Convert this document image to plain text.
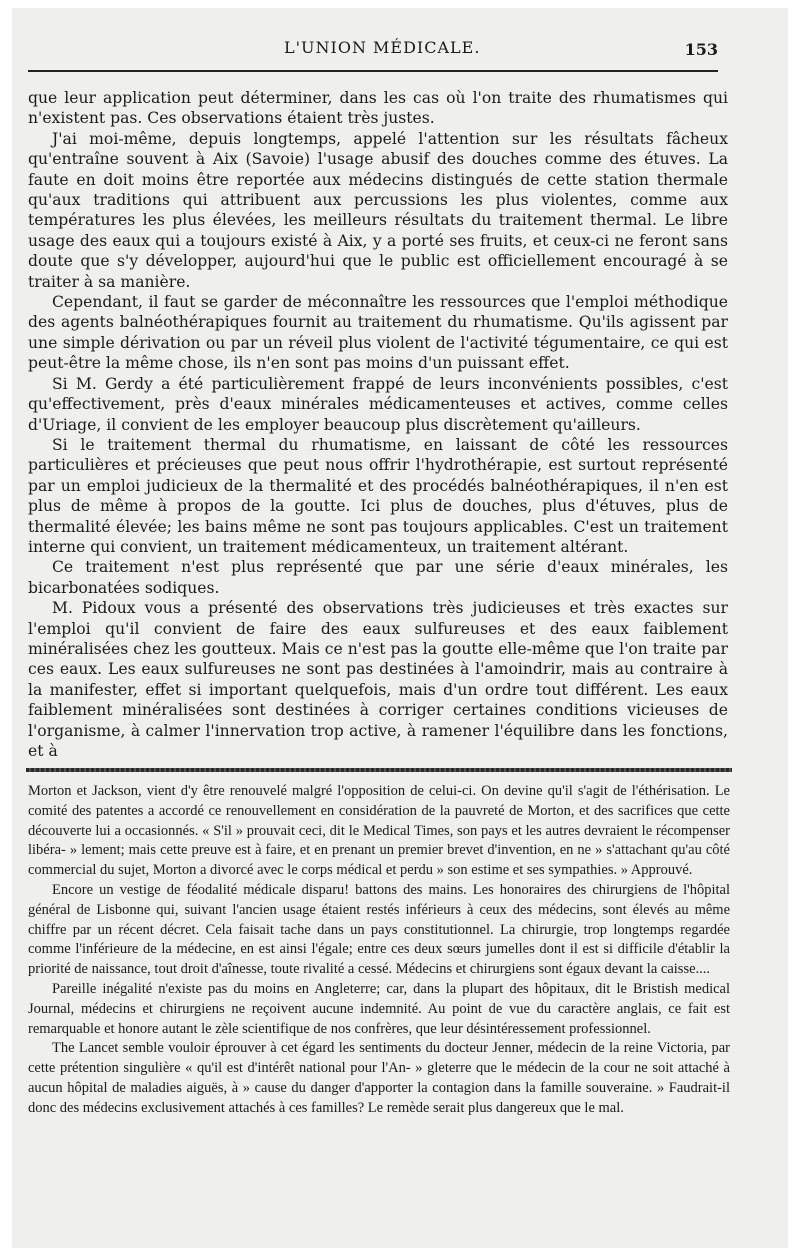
L'UNION MÉDICALE.	153

que leur application peut déterminer, dans les cas où l'on traite des rhumatismes qui n'existent pas. Ces observations étaient très justes.

J'ai moi-même, depuis longtemps, appelé l'attention sur les résultats fâcheux qu'entraîne souvent à Aix (Savoie) l'usage abusif des douches comme des étuves. La faute en doit moins être reportée aux médecins distingués de cette station thermale qu'aux traditions qui attribuent aux percussions les plus violentes, comme aux températures les plus élevées, les meilleurs résultats du traitement thermal. Le libre usage des eaux qui a toujours existé à Aix, y a porté ses fruits, et ceux-ci ne feront sans doute que s'y développer, aujourd'hui que le public est officiellement encouragé à se traiter à sa manière.

Cependant, il faut se garder de méconnaître les ressources que l'emploi méthodique des agents balnéothérapiques fournit au traitement du rhumatisme. Qu'ils agissent par une simple dérivation ou par un réveil plus violent de l'activité tégumentaire, ce qui est peut-être la même chose, ils n'en sont pas moins d'un puissant effet.

Si M. Gerdy a été particulièrement frappé de leurs inconvénients possibles, c'est qu'effectivement, près d'eaux minérales médicamenteuses et actives, comme celles d'Uriage, il convient de les employer beaucoup plus discrètement qu'ailleurs.

Si le traitement thermal du rhumatisme, en laissant de côté les ressources particulières et précieuses que peut nous offrir l'hydrothérapie, est surtout représenté par un emploi judicieux de la thermalité et des procédés balnéothérapiques, il n'en est plus de même à propos de la goutte. Ici plus de douches, plus d'étuves, plus de thermalité élevée; les bains même ne sont pas toujours applicables. C'est un traitement interne qui convient, un traitement médicamenteux, un traitement altérant.

Ce traitement n'est plus représenté que par une série d'eaux minérales, les bicarbonatées sodiques.

M. Pidoux vous a présenté des observations très judicieuses et très exactes sur l'emploi qu'il convient de faire des eaux sulfureuses et des eaux faiblement minéralisées chez les goutteux. Mais ce n'est pas la goutte elle-même que l'on traite par ces eaux. Les eaux sulfureuses ne sont pas destinées à l'amoindrir, mais au contraire à la manifester, effet si important quelquefois, mais d'un ordre tout différent. Les eaux faiblement minéralisées sont destinées à corriger certaines conditions vicieuses de l'organisme, à calmer l'innervation trop active, à ramener l'équilibre dans les fonctions, et à

Morton et Jackson, vient d'y être renouvelé malgré l'opposition de celui-ci. On devine qu'il s'agit de l'éthérisation. Le comité des patentes a accordé ce renouvellement en considération de la pauvreté de Morton, et des sacrifices que cette découverte lui a occasionnés. « S'il » prouvait ceci, dit le Medical Times, son pays et les autres devraient le récompenser libéra- » lement; mais cette preuve est à faire, et en prenant un premier brevet d'invention, en ne » s'attachant qu'au côté commercial du sujet, Morton a divorcé avec le corps médical et perdu » son estime et ses sympathies. » Approuvé.

Encore un vestige de féodalité médicale disparu! battons des mains. Les honoraires des chirurgiens de l'hôpital général de Lisbonne qui, suivant l'ancien usage étaient restés inférieurs à ceux des médecins, sont élevés au même chiffre par un récent décret. Cela faisait tache dans un pays constitutionnel. La chirurgie, trop longtemps regardée comme l'inférieure de la médecine, en est ainsi l'égale; entre ces deux sœurs jumelles dont il est si difficile d'établir la priorité de naissance, tout droit d'aînesse, toute rivalité a cessé. Médecins et chirurgiens sont égaux devant la caisse....

Pareille inégalité n'existe pas du moins en Angleterre; car, dans la plupart des hôpitaux, dit le Bristish medical Journal, médecins et chirurgiens ne reçoivent aucune indemnité. Au point de vue du caractère anglais, ce fait est remarquable et honore autant le zèle scientifique de nos confrères, que leur désintéressement professionnel.

The Lancet semble vouloir éprouver à cet égard les sentiments du docteur Jenner, médecin de la reine Victoria, par cette prétention singulière « qu'il est d'intérêt national pour l'An- » gleterre que le médecin de la cour ne soit attaché à aucun hôpital de maladies aiguës, à » cause du danger d'apporter la contagion dans la famille souveraine. » Faudrait-il donc des médecins exclusivement attachés à ces familles? Le remède serait plus dangereux que le mal.
